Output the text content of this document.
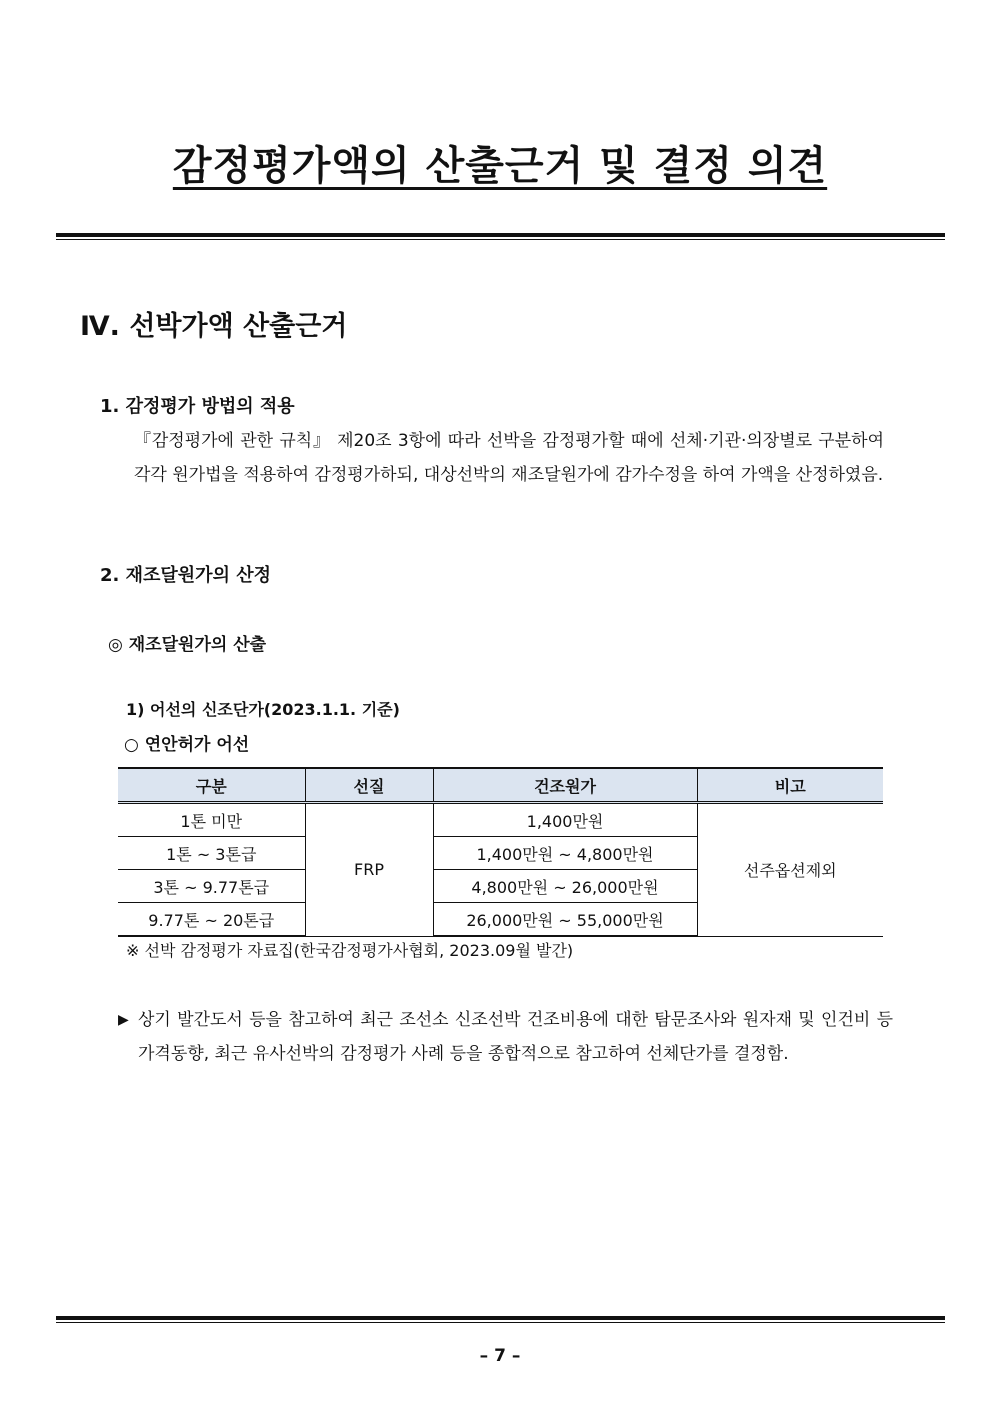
감정평가액의 산출근거 및 결정 의견
Ⅳ. 선박가액 산출근거
1. 감정평가 방법의 적용
『감정평가에 관한 규칙』 제20조 3항에 따라 선박을 감정평가할 때에 선체·기관·의장별로 구분하여 각각 원가법을 적용하여 감정평가하되, 대상선박의 재조달원가에 감가수정을 하여 가액을 산정하였음.
2. 재조달원가의 산정
◎ 재조달원가의 산출
1) 어선의 신조단가(2023.1.1. 기준)
○ 연안허가 어선
구분	선질	건조원가	비고
1톤 미만	FRP	1,400만원	선주옵션제외
1톤 ~ 3톤급		1,400만원 ~ 4,800만원	
3톤 ~ 9.77톤급		4,800만원 ~ 26,000만원	
9.77톤 ~ 20톤급		26,000만원 ~ 55,000만원	
※ 선박 감정평가 자료집(한국감정평가사협회, 2023.09월 발간)
▶ 상기 발간도서 등을 참고하여 최근 조선소 신조선박 건조비용에 대한 탐문조사와 원자재 및 인건비 등 가격동향, 최근 유사선박의 감정평가 사례 등을 종합적으로 참고하여 선체단가를 결정함.
– 7 –
